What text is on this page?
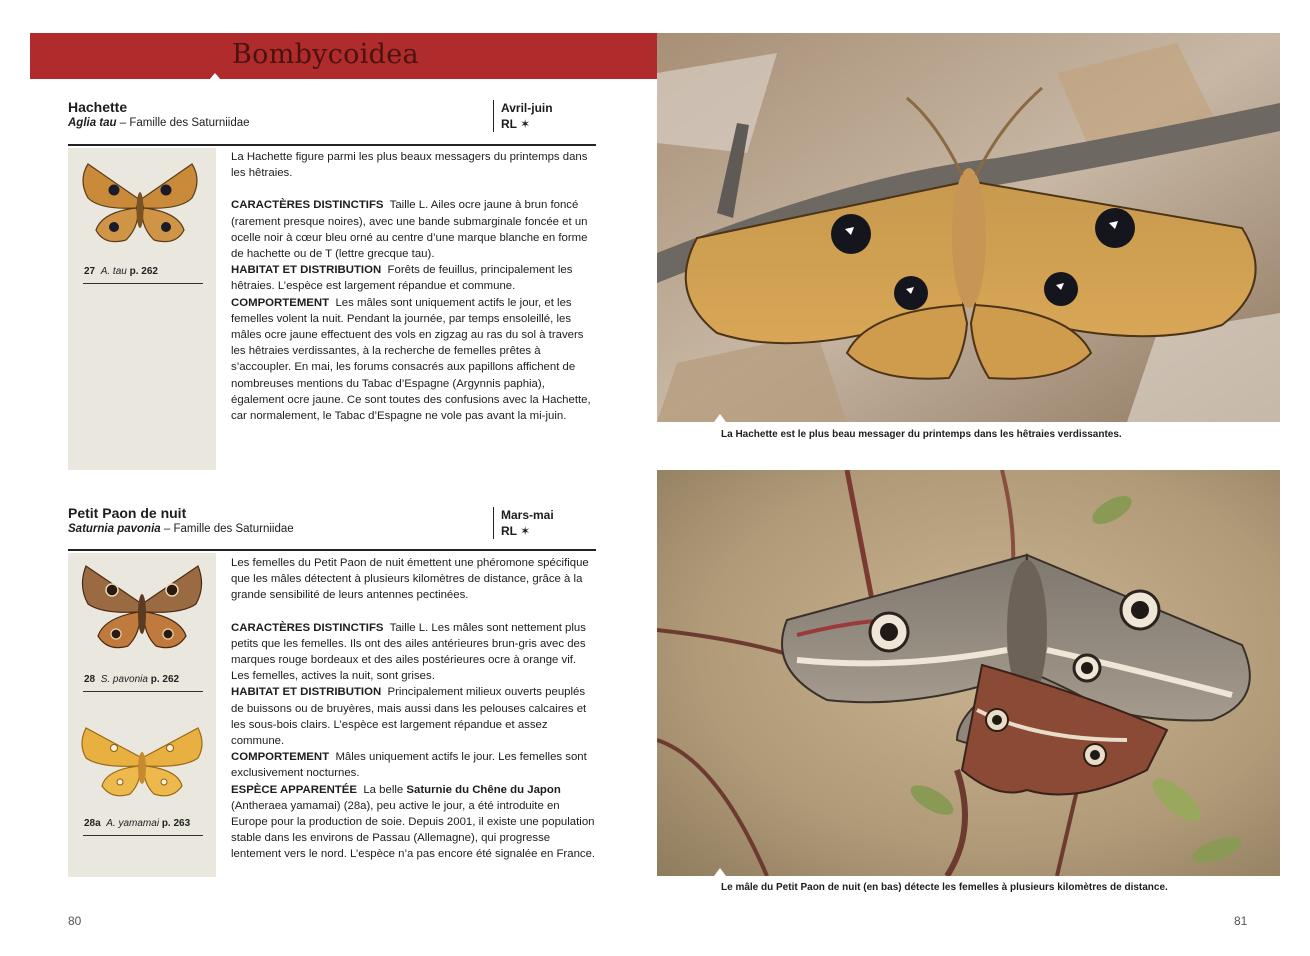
Bombycoidea
Hachette
Aglia tau – Famille des Saturniidae
Avril-juin
RL ✶
27 A. tau p. 262

La Hachette figure parmi les plus beaux messagers du printemps dans les hêtraies.

CARACTÈRES DISTINCTIFS Taille L. Ailes ocre jaune à brun foncé (rarement presque noires), avec une bande submarginale foncée et un ocelle noir à cœur bleu orné au centre d’une marque blanche en forme de hachette ou de T (lettre grecque tau).

HABITAT ET DISTRIBUTION Forêts de feuillus, principalement les hêtraies. L’espèce est largement répandue et commune.

COMPORTEMENT Les mâles sont uniquement actifs le jour, et les femelles volent la nuit. Pendant la journée, par temps ensoleillé, les mâles ocre jaune effectuent des vols en zigzag au ras du sol à travers les hêtraies verdissantes, à la recherche de femelles prêtes à s’accoupler. En mai, les forums consacrés aux papillons affichent de nombreuses mentions du Tabac d’Espagne (Argynnis paphia), également ocre jaune. Ce sont toutes des confusions avec la Hachette, car normalement, le Tabac d’Espagne ne vole pas avant la mi-juin.

Petit Paon de nuit
Saturnia pavonia – Famille des Saturniidae
Mars-mai
RL ✶
28 S. pavonia p. 262
28a A. yamamai p. 263

Les femelles du Petit Paon de nuit émettent une phéromone spécifique que les mâles détectent à plusieurs kilomètres de distance, grâce à la grande sensibilité de leurs antennes pectinées.

CARACTÈRES DISTINCTIFS Taille L. Les mâles sont nettement plus petits que les femelles. Ils ont des ailes antérieures brun-gris avec des marques rouge bordeaux et des ailes postérieures ocre à orange vif. Les femelles, actives la nuit, sont grises.

HABITAT ET DISTRIBUTION Principalement milieux ouverts peuplés de buissons ou de bruyères, mais aussi dans les pelouses calcaires et les sous-bois clairs. L’espèce est largement répandue et assez commune.

COMPORTEMENT Mâles uniquement actifs le jour. Les femelles sont exclusivement nocturnes.

ESPÈCE APPARENTÉE La belle Saturnie du Chêne du Japon (Antheraea yamamai) (28a), peu active le jour, a été introduite en Europe pour la production de soie. Depuis 2001, il existe une population stable dans les environs de Passau (Allemagne), qui progresse lentement vers le nord. L’espèce n’a pas encore été signalée en France.

La Hachette est le plus beau messager du printemps dans les hêtraies verdissantes.
Le mâle du Petit Paon de nuit (en bas) détecte les femelles à plusieurs kilomètres de distance.
80	81
